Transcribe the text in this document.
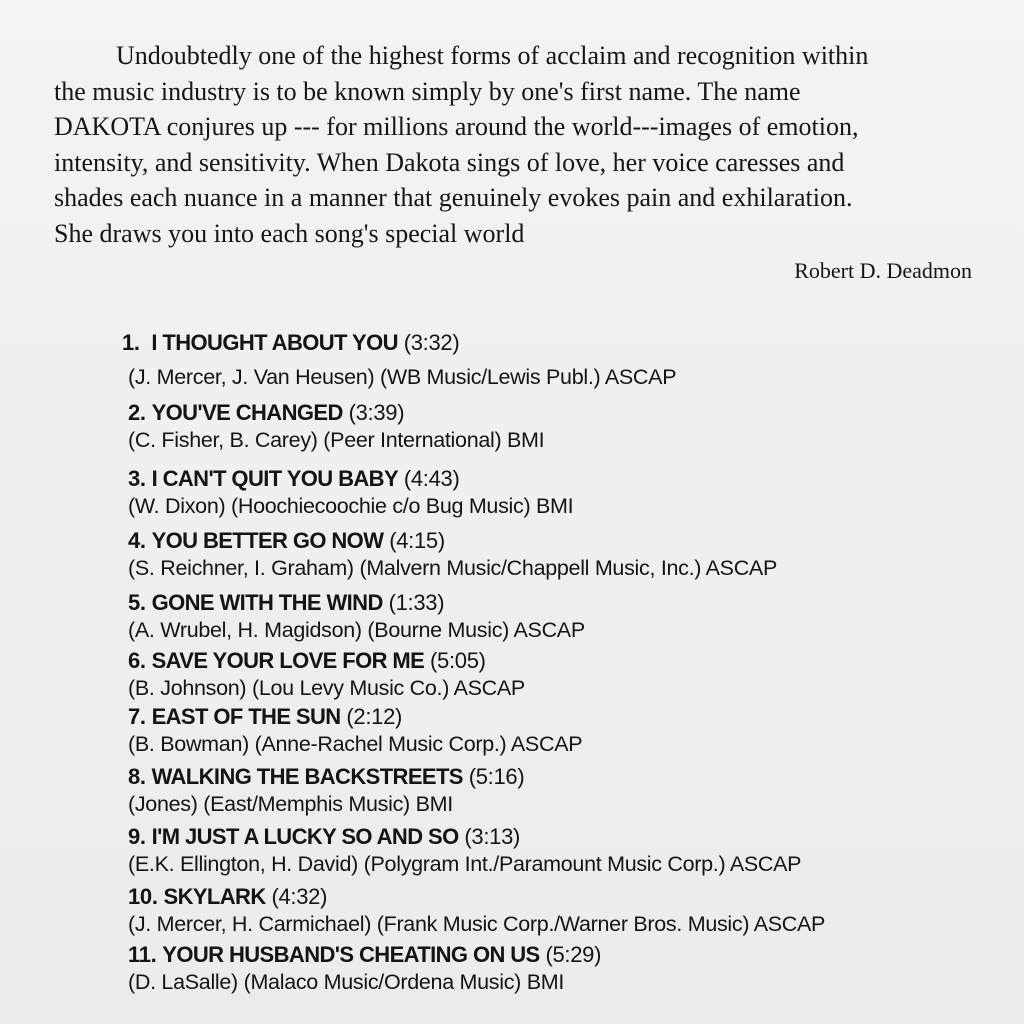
Undoubtedly one of the highest forms of acclaim and recognition within
the music industry is to be known simply by one's first name. The name
DAKOTA conjures up --- for millions around the world---images of emotion,
intensity, and sensitivity. When Dakota sings of love, her voice caresses and
shades each nuance in a manner that genuinely evokes pain and exhilaration.
She draws you into each song's special world

Robert D. Deadmon
1. I THOUGHT ABOUT YOU (3:32)
(J. Mercer, J. Van Heusen) (WB Music/Lewis Publ.) ASCAP
2. YOU'VE CHANGED (3:39)
(C. Fisher, B. Carey) (Peer International) BMI
3. I CAN'T QUIT YOU BABY (4:43)
(W. Dixon) (Hoochiecoochie c/o Bug Music) BMI
4. YOU BETTER GO NOW (4:15)
(S. Reichner, I. Graham) (Malvern Music/Chappell Music, Inc.) ASCAP
5. GONE WITH THE WIND (1:33)
(A. Wrubel, H. Magidson) (Bourne Music) ASCAP
6. SAVE YOUR LOVE FOR ME (5:05)
(B. Johnson) (Lou Levy Music Co.) ASCAP
7. EAST OF THE SUN (2:12)
(B. Bowman) (Anne-Rachel Music Corp.) ASCAP
8. WALKING THE BACKSTREETS (5:16)
(Jones) (East/Memphis Music) BMI
9. I'M JUST A LUCKY SO AND SO (3:13)
(E.K. Ellington, H. David) (Polygram Int./Paramount Music Corp.) ASCAP
10. SKYLARK (4:32)
(J. Mercer, H. Carmichael) (Frank Music Corp./Warner Bros. Music) ASCAP
11. YOUR HUSBAND'S CHEATING ON US (5:29)
(D. LaSalle) (Malaco Music/Ordena Music) BMI
